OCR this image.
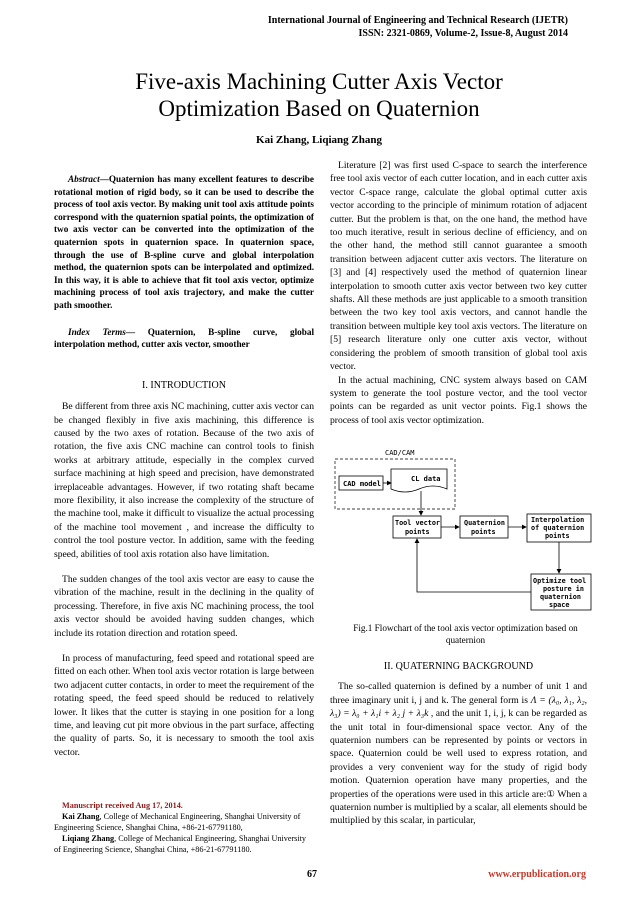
International Journal of Engineering and Technical Research (IJETR)
ISSN: 2321-0869, Volume-2, Issue-8, August 2014
Five-axis Machining Cutter Axis Vector
Optimization Based on Quaternion
Kai Zhang, Liqiang Zhang

Abstract—Quaternion has many excellent features to describe rotational motion of rigid body, so it can be used to describe the process of tool axis vector. By making unit tool axis attitude points correspond with the quaternion spatial points, the optimization of two axis vector can be converted into the optimization of the quaternion spots in quaternion space. In quaternion space, through the use of B-spline curve and global interpolation method, the quaternion spots can be interpolated and optimized. In this way, it is able to achieve that fit tool axis vector, optimize machining process of tool axis trajectory, and make the cutter path smoother.

Index Terms— Quaternion, B-spline curve, global interpolation method, cutter axis vector, smoother

I. INTRODUCTION

Be different from three axis NC machining, cutter axis vector can be changed flexibly in five axis machining, this difference is caused by the two axes of rotation. Because of the two axis of rotation, the five axis CNC machine can control tools to finish works at arbitrary attitude, especially in the complex curved surface machining at high speed and precision, have demonstrated irreplaceable advantages. However, if two rotating shaft became more flexibility, it also increase the complexity of the structure of the machine tool, make it difficult to visualize the actual processing of the machine tool movement , and increase the difficulty to control the tool posture vector. In addition, same with the feeding speed, abilities of tool axis rotation also have limitation.

The sudden changes of the tool axis vector are easy to cause the vibration of the machine, result in the declining in the quality of processing. Therefore, in five axis NC machining process, the tool axis vector should be avoided having sudden changes, which include its rotation direction and rotation speed.

In process of manufacturing, feed speed and rotational speed are fitted on each other. When tool axis vector rotation is large between two adjacent cutter contacts, in order to meet the requirement of the rotating speed, the feed speed should be reduced to relatively lower. It likes that the cutter is staying in one position for a long time, and leaving cut pit more obvious in the part surface, affecting the quality of parts. So, it is necessary to smooth the tool axis vector.

Manuscript received Aug 17, 2014.
Kai Zhang, College of Mechanical Engineering, Shanghai University of Engineering Science, Shanghai China, +86-21-67791180,
Liqiang Zhang, College of Mechanical Engineering, Shanghai University of Engineering Science, Shanghai China, +86-21-67791180.

Literature [2] was first used C-space to search the interference free tool axis vector of each cutter location, and in each cutter axis vector C-space range, calculate the global optimal cutter axis vector according to the principle of minimum rotation of adjacent cutter. But the problem is that, on the one hand, the method have too much iterative, result in serious decline of efficiency, and on the other hand, the method still cannot guarantee a smooth transition between adjacent cutter axis vectors. The literature on [3] and [4] respectively used the method of quaternion linear interpolation to smooth cutter axis vector between two key cutter shafts. All these methods are just applicable to a smooth transition between the two key tool axis vectors, and cannot handle the transition between multiple key tool axis vectors. The literature on [5] research literature only one cutter axis vector, without considering the problem of smooth transition of global tool axis vector.

In the actual machining, CNC system always based on CAM system to generate the tool posture vector, and the tool vector points can be regarded as unit vector points. Fig.1 shows the process of tool axis vector optimization.

CAD/CAM
CAD model
CL data
Tool vector
points
Quaternion
points
Interpolation
of quaternion
points
Optimize tool
posture in
quaternion
space
Fig.1 Flowchart of the tool axis vector optimization based on quaternion

II. QUATERNING BACKGROUND

The so-called quaternion is defined by a number of unit 1 and three imaginary unit i, j and k. The general form is Λ = (λ₀, λ₁, λ₂, λ₃) = λ₀ + λ₁i + λ₂ j + λ₃k , and the unit 1, i, j, k can be regarded as the unit total in four-dimensional space vector. Any of the quaternion numbers can be represented by points or vectors in space. Quaternion could be well used to express rotation, and provides a very convenient way for the study of rigid body motion. Quaternion operation have many properties, and the properties of the operations were used in this article are:① When a quaternion number is multiplied by a scalar, all elements should be multiplied by this scalar, in particular,

67	www.erpublication.org
